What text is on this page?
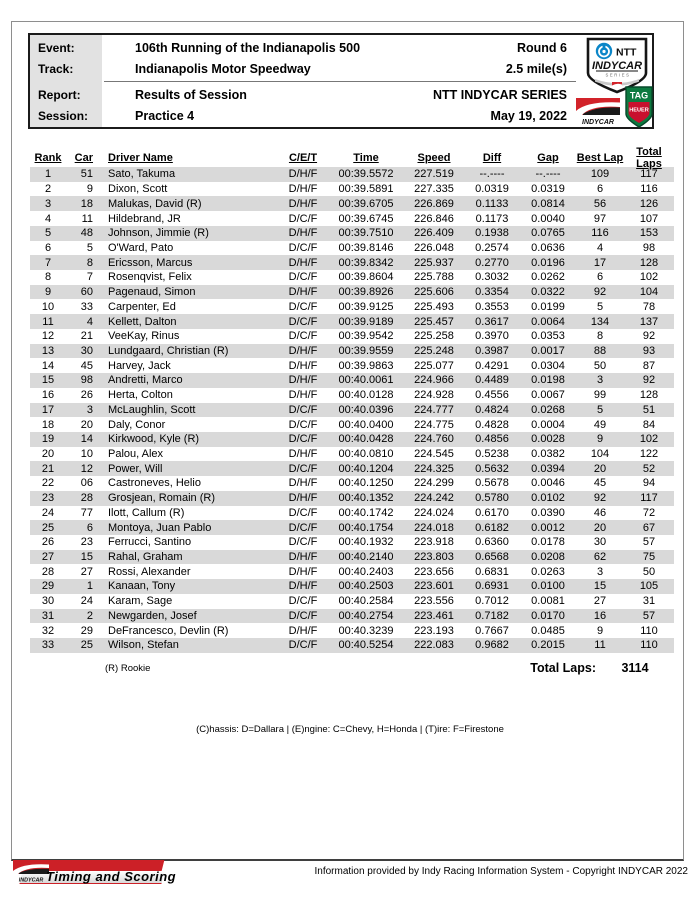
Event:	106th Running of the Indianapolis 500	Round 6
Track:	Indianapolis Motor Speedway	2.5 mile(s)
Report:	Results of Session	NTT INDYCAR SERIES
Session:	Practice 4	May 19, 2022
NTT
INDYCAR
SERIES
INDYCAR
TAG
HEUER
Rank	Car	Driver Name	C/E/T	Time	Speed	Diff	Gap	Best Lap	Total Laps
1	51	Sato, Takuma	D/H/F	00:39.5572	227.519	--.----	--.----	109	117
2	9	Dixon, Scott	D/H/F	00:39.5891	227.335	0.0319	0.0319	6	116
3	18	Malukas, David (R)	D/H/F	00:39.6705	226.869	0.1133	0.0814	56	126
4	11	Hildebrand, JR	D/C/F	00:39.6745	226.846	0.1173	0.0040	97	107
5	48	Johnson, Jimmie (R)	D/H/F	00:39.7510	226.409	0.1938	0.0765	116	153
6	5	O'Ward, Pato	D/C/F	00:39.8146	226.048	0.2574	0.0636	4	98
7	8	Ericsson, Marcus	D/H/F	00:39.8342	225.937	0.2770	0.0196	17	128
8	7	Rosenqvist, Felix	D/C/F	00:39.8604	225.788	0.3032	0.0262	6	102
9	60	Pagenaud, Simon	D/H/F	00:39.8926	225.606	0.3354	0.0322	92	104
10	33	Carpenter, Ed	D/C/F	00:39.9125	225.493	0.3553	0.0199	5	78
11	4	Kellett, Dalton	D/C/F	00:39.9189	225.457	0.3617	0.0064	134	137
12	21	VeeKay, Rinus	D/C/F	00:39.9542	225.258	0.3970	0.0353	8	92
13	30	Lundgaard, Christian (R)	D/H/F	00:39.9559	225.248	0.3987	0.0017	88	93
14	45	Harvey, Jack	D/H/F	00:39.9863	225.077	0.4291	0.0304	50	87
15	98	Andretti, Marco	D/H/F	00:40.0061	224.966	0.4489	0.0198	3	92
16	26	Herta, Colton	D/H/F	00:40.0128	224.928	0.4556	0.0067	99	128
17	3	McLaughlin, Scott	D/C/F	00:40.0396	224.777	0.4824	0.0268	5	51
18	20	Daly, Conor	D/C/F	00:40.0400	224.775	0.4828	0.0004	49	84
19	14	Kirkwood, Kyle (R)	D/C/F	00:40.0428	224.760	0.4856	0.0028	9	102
20	10	Palou, Alex	D/H/F	00:40.0810	224.545	0.5238	0.0382	104	122
21	12	Power, Will	D/C/F	00:40.1204	224.325	0.5632	0.0394	20	52
22	06	Castroneves, Helio	D/H/F	00:40.1250	224.299	0.5678	0.0046	45	94
23	28	Grosjean, Romain (R)	D/H/F	00:40.1352	224.242	0.5780	0.0102	92	117
24	77	Ilott, Callum (R)	D/C/F	00:40.1742	224.024	0.6170	0.0390	46	72
25	6	Montoya, Juan Pablo	D/C/F	00:40.1754	224.018	0.6182	0.0012	20	67
26	23	Ferrucci, Santino	D/C/F	00:40.1932	223.918	0.6360	0.0178	30	57
27	15	Rahal, Graham	D/H/F	00:40.2140	223.803	0.6568	0.0208	62	75
28	27	Rossi, Alexander	D/H/F	00:40.2403	223.656	0.6831	0.0263	3	50
29	1	Kanaan, Tony	D/H/F	00:40.2503	223.601	0.6931	0.0100	15	105
30	24	Karam, Sage	D/C/F	00:40.2584	223.556	0.7012	0.0081	27	31
31	2	Newgarden, Josef	D/C/F	00:40.2754	223.461	0.7182	0.0170	16	57
32	29	DeFrancesco, Devlin (R)	D/H/F	00:40.3239	223.193	0.7667	0.0485	9	110
33	25	Wilson, Stefan	D/C/F	00:40.5254	222.083	0.9682	0.2015	11	110
(R) Rookie	Total Laps:	3114
(C)hassis: D=Dallara | (E)ngine: C=Chevy, H=Honda | (T)ire: F=Firestone
INDYCAR Timing and Scoring	Information provided by Indy Racing Information System - Copyright INDYCAR 2022
